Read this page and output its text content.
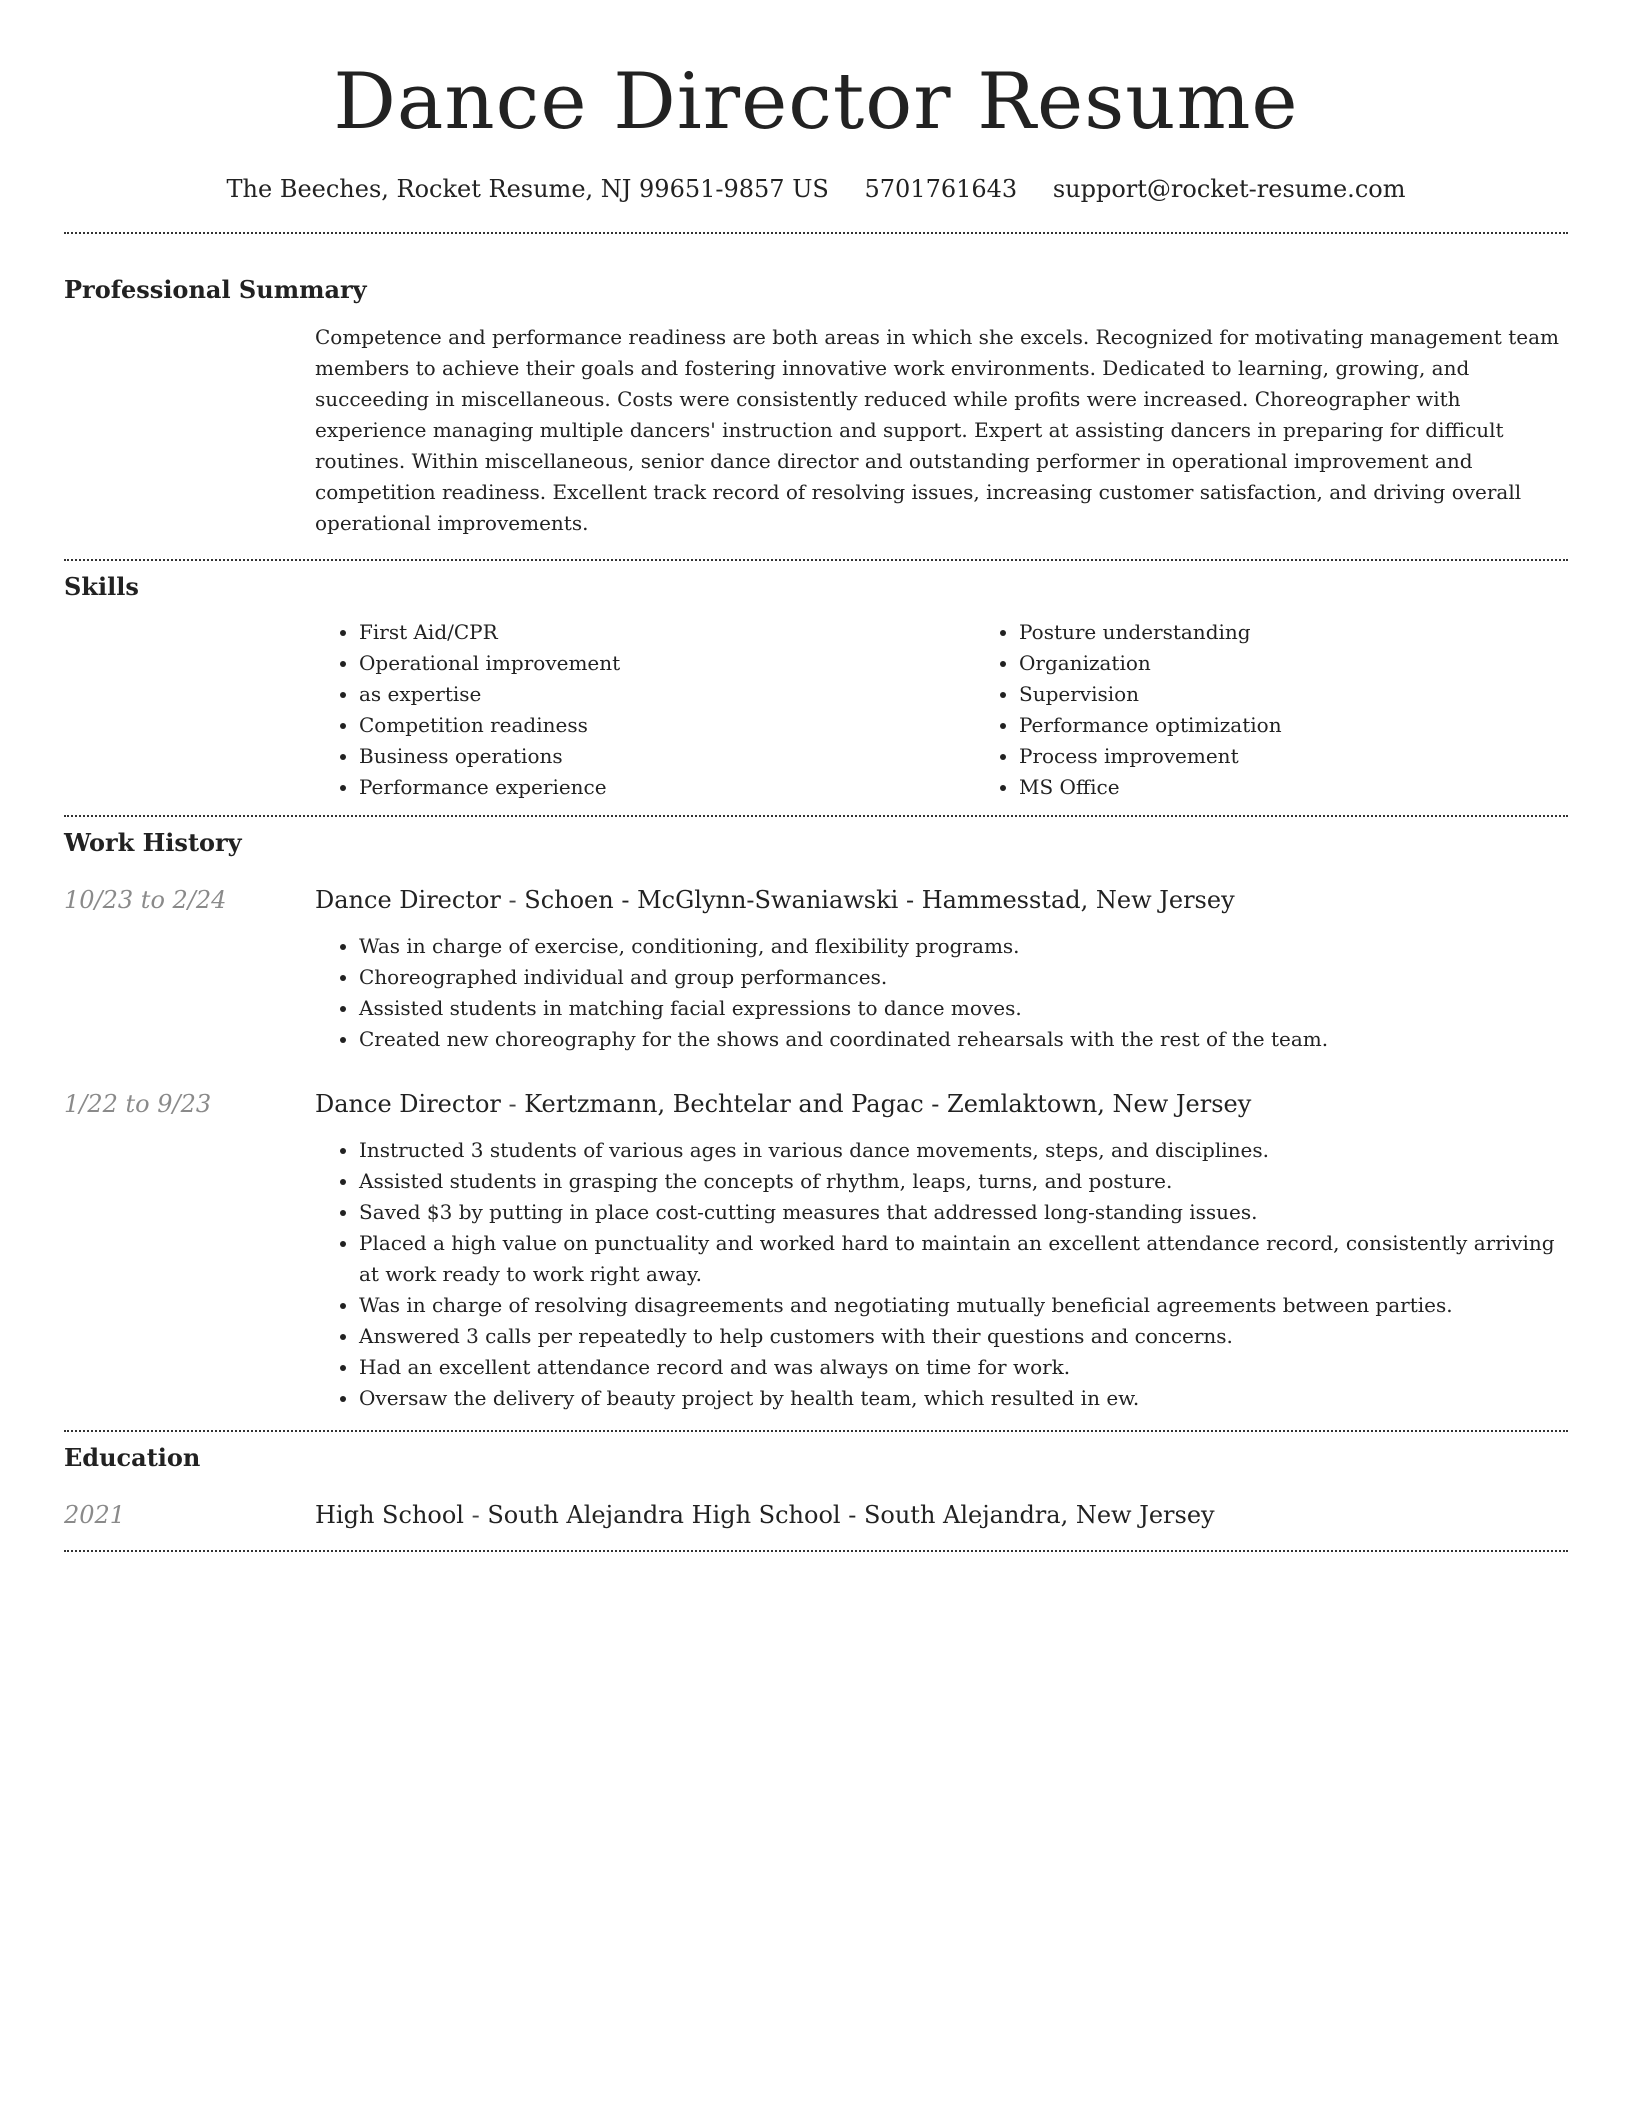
Dance Director Resume
The Beeches, Rocket Resume, NJ 99651-9857 US 5701761643 support@rocket-resume.com
Professional Summary

Competence and performance readiness are both areas in which she excels. Recognized for motivating management team members to achieve their goals and fostering innovative work environments. Dedicated to learning, growing, and succeeding in miscellaneous. Costs were consistently reduced while profits were increased. Choreographer with experience managing multiple dancers' instruction and support. Expert at assisting dancers in preparing for difficult routines. Within miscellaneous, senior dance director and outstanding performer in operational improvement and competition readiness. Excellent track record of resolving issues, increasing customer satisfaction, and driving overall operational improvements.

Skills
• First Aid/CPR
• Operational improvement
• as expertise
• Competition readiness
• Business operations
• Performance experience
• Posture understanding
• Organization
• Supervision
• Performance optimization
• Process improvement
• MS Office
Work History
10/23 to 2/24	Dance Director - Schoen - McGlynn-Swaniawski - Hammesstad, New Jersey
• Was in charge of exercise, conditioning, and flexibility programs.
• Choreographed individual and group performances.
• Assisted students in matching facial expressions to dance moves.
• Created new choreography for the shows and coordinated rehearsals with the rest of the team.
1/22 to 9/23	Dance Director - Kertzmann, Bechtelar and Pagac - Zemlaktown, New Jersey
• Instructed 3 students of various ages in various dance movements, steps, and disciplines.
• Assisted students in grasping the concepts of rhythm, leaps, turns, and posture.
• Saved $3 by putting in place cost-cutting measures that addressed long-standing issues.
• Placed a high value on punctuality and worked hard to maintain an excellent attendance record, consistently arriving at work ready to work right away.
• Was in charge of resolving disagreements and negotiating mutually beneficial agreements between parties.
• Answered 3 calls per repeatedly to help customers with their questions and concerns.
• Had an excellent attendance record and was always on time for work.
• Oversaw the delivery of beauty project by health team, which resulted in ew.
Education
2021	High School - South Alejandra High School - South Alejandra, New Jersey
